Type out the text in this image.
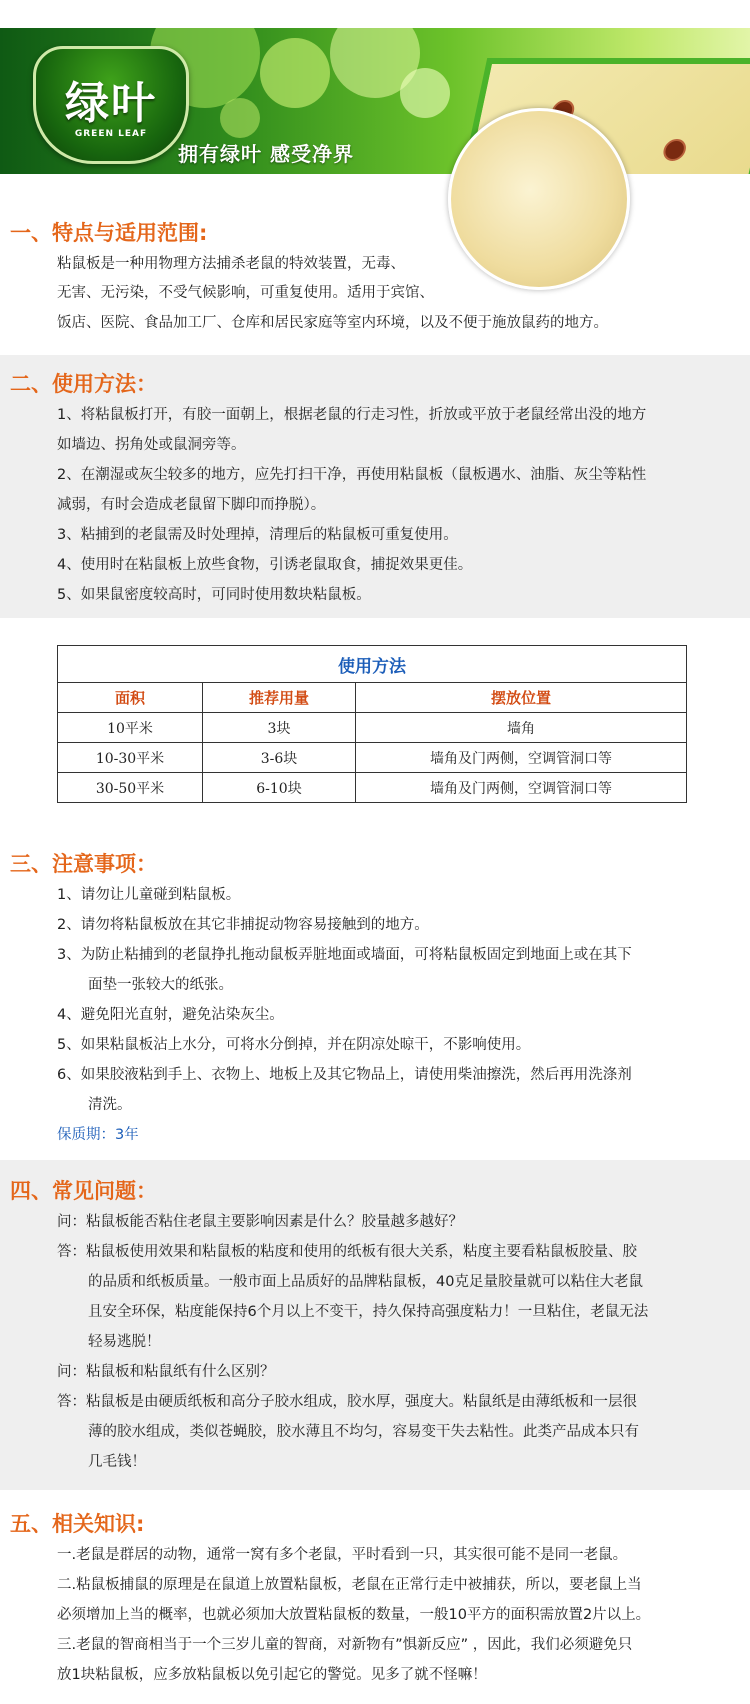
绿叶
GREEN LEAF
拥有绿叶 感受净界
一、特点与适用范围:
粘鼠板是一种用物理方法捕杀老鼠的特效装置，无毒、
无害、无污染，不受气候影响，可重复使用。适用于宾馆、
饭店、医院、食品加工厂、仓库和居民家庭等室内环境，以及不便于施放鼠药的地方。
二、使用方法：
1、将粘鼠板打开，有胶一面朝上，根据老鼠的行走习性，折放或平放于老鼠经常出没的地方
如墙边、拐角处或鼠洞旁等。
2、在潮湿或灰尘较多的地方，应先打扫干净，再使用粘鼠板（鼠板遇水、油脂、灰尘等粘性
减弱，有时会造成老鼠留下脚印而挣脱）。
3、粘捕到的老鼠需及时处理掉，清理后的粘鼠板可重复使用。
4、使用时在粘鼠板上放些食物，引诱老鼠取食，捕捉效果更佳。
5、如果鼠密度较高时，可同时使用数块粘鼠板。
使用方法		
面积	推荐用量	摆放位置
10平米	3块	墙角
10-30平米	3-6块	墙角及门两侧，空调管洞口等
30-50平米	6-10块	墙角及门两侧，空调管洞口等
三、注意事项：
1、请勿让儿童碰到粘鼠板。
2、请勿将粘鼠板放在其它非捕捉动物容易接触到的地方。
3、为防止粘捕到的老鼠挣扎拖动鼠板弄脏地面或墙面，可将粘鼠板固定到地面上或在其下
面垫一张较大的纸张。
4、避免阳光直射，避免沾染灰尘。
5、如果粘鼠板沾上水分，可将水分倒掉，并在阴凉处晾干，不影响使用。
6、如果胶液粘到手上、衣物上、地板上及其它物品上，请使用柴油擦洗，然后再用洗涤剂
清洗。
保质期：3年
四、常见问题：
问：粘鼠板能否粘住老鼠主要影响因素是什么？胶量越多越好？
答：粘鼠板使用效果和粘鼠板的粘度和使用的纸板有很大关系，粘度主要看粘鼠板胶量、胶
的品质和纸板质量。一般市面上品质好的品牌粘鼠板，40克足量胶量就可以粘住大老鼠
且安全环保，粘度能保持6个月以上不变干，持久保持高强度粘力！一旦粘住，老鼠无法
轻易逃脱！
问：粘鼠板和粘鼠纸有什么区别？
答：粘鼠板是由硬质纸板和高分子胶水组成，胶水厚，强度大。粘鼠纸是由薄纸板和一层很
薄的胶水组成，类似苍蝇胶，胶水薄且不均匀，容易变干失去粘性。此类产品成本只有
几毛钱！
五、相关知识:
一.老鼠是群居的动物，通常一窝有多个老鼠，平时看到一只，其实很可能不是同一老鼠。
二.粘鼠板捕鼠的原理是在鼠道上放置粘鼠板，老鼠在正常行走中被捕获，所以，要老鼠上当
必须增加上当的概率，也就必须加大放置粘鼠板的数量，一般10平方的面积需放置2片以上。
三.老鼠的智商相当于一个三岁儿童的智商，对新物有”惧新反应” ，因此，我们必须避免只
放1块粘鼠板，应多放粘鼠板以免引起它的警觉。见多了就不怪嘛！
